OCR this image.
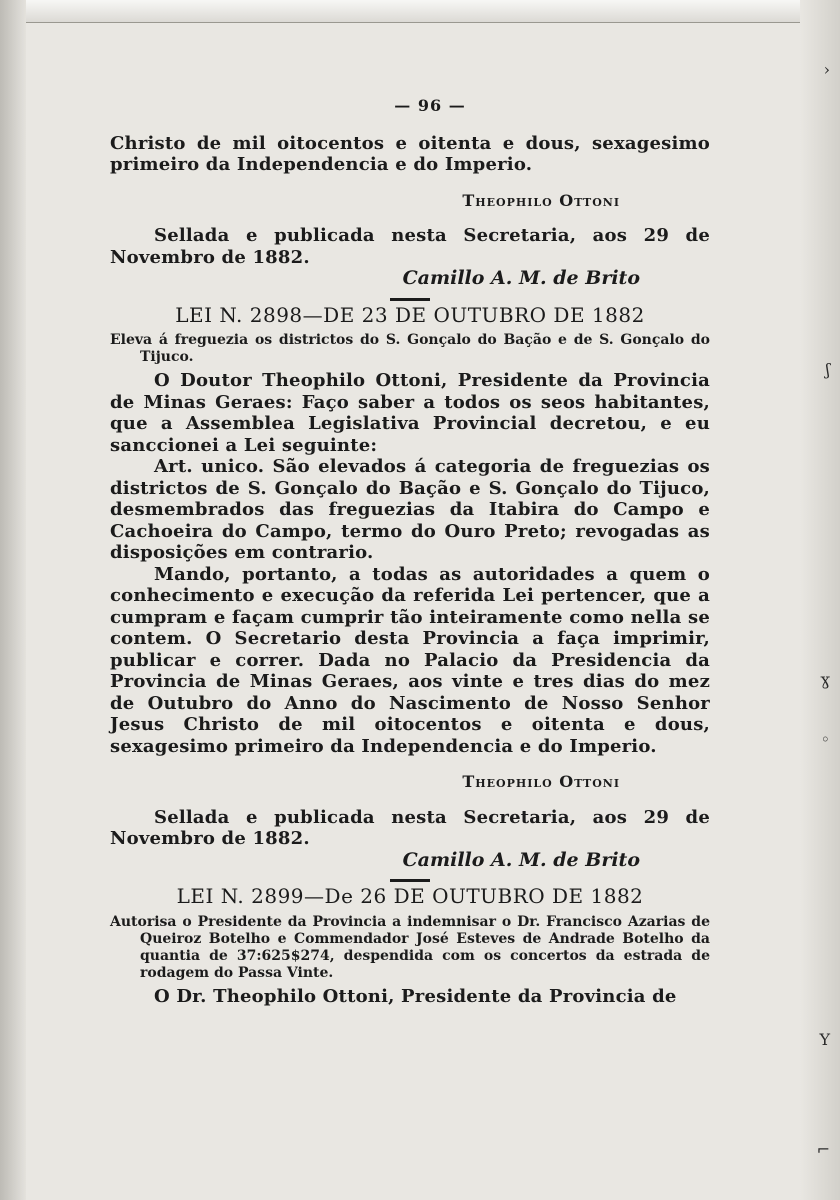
— 96 —

Christo de mil oitocentos e oitenta e dous, sexagesimo primeiro da Independencia e do Imperio.

Theophilo Ottoni

Sellada e publicada nesta Secretaria, aos 29 de Novembro de 1882.

Camillo A. M. de Brito
LEI N. 2898—DE 23 DE OUTUBRO DE 1882

Eleva á freguezia os districtos do S. Gonçalo do Bação e de S. Gonçalo do Tijuco.

O Doutor Theophilo Ottoni, Presidente da Provincia de Minas Geraes: Faço saber a todos os seos habitantes, que a Assemblea Legislativa Provincial decretou, e eu sanccionei a Lei seguinte:

Art. unico. São elevados á categoria de freguezias os districtos de S. Gonçalo do Bação e S. Gonçalo do Tijuco, desmembrados das freguezias da Itabira do Campo e Cachoeira do Campo, termo do Ouro Preto; revogadas as disposições em contrario.

Mando, portanto, a todas as autoridades a quem o conhecimento e execução da referida Lei pertencer, que a cumpram e façam cumprir tão inteiramente como nella se contem. O Secretario desta Provincia a faça imprimir, publicar e correr. Dada no Palacio da Presidencia da Provincia de Minas Geraes, aos vinte e tres dias do mez de Outubro do Anno do Nascimento de Nosso Senhor Jesus Christo de mil oitocentos e oitenta e dous, sexagesimo primeiro da Independencia e do Imperio.

Theophilo Ottoni

Sellada e publicada nesta Secretaria, aos 29 de Novembro de 1882.

Camillo A. M. de Brito
LEI N. 2899—De 26 DE OUTUBRO DE 1882

Autorisa o Presidente da Provincia a indemnisar o Dr. Francisco Azarias de Queiroz Botelho e Commendador José Esteves de Andrade Botelho da quantia de 37:625$274, despendida com os concertos da estrada de rodagem do Passa Vinte.

O Dr. Theophilo Ottoni, Presidente da Provincia de

›
ʃ
ɣ
◦
Y
⌐
